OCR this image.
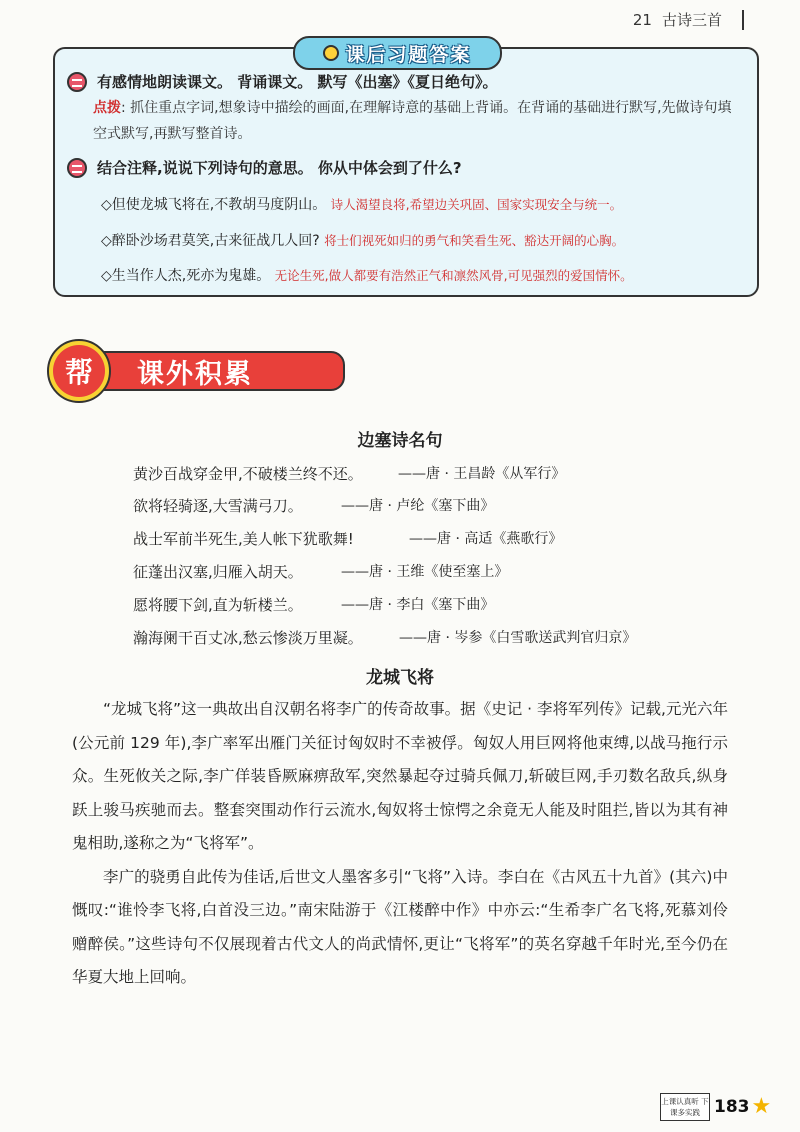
21 古诗三首
课后习题答案
有感情地朗读课文。 背诵课文。 默写《出塞》《夏日绝句》。
点拨: 抓住重点字词,想象诗中描绘的画面,在理解诗意的基础上背诵。在背诵的基础进行默写,先做诗句填空式默写,再默写整首诗。
结合注释,说说下列诗句的意思。 你从中体会到了什么?
◇但使龙城飞将在,不教胡马度阴山。 诗人渴望良将,希望边关巩固、国家实现安全与统一。
◇醉卧沙场君莫笑,古来征战几人回? 将士们视死如归的勇气和笑看生死、豁达开阔的心胸。
◇生当作人杰,死亦为鬼雄。 无论生死,做人都要有浩然正气和凛然风骨,可见强烈的爱国情怀。
帮	课外积累
边塞诗名句
黄沙百战穿金甲,不破楼兰终不还。	——唐 · 王昌龄《从军行》
欲将轻骑逐,大雪满弓刀。	——唐 · 卢纶《塞下曲》
战士军前半死生,美人帐下犹歌舞!	——唐 · 高适《燕歌行》
征蓬出汉塞,归雁入胡天。	——唐 · 王维《使至塞上》
愿将腰下剑,直为斩楼兰。	——唐 · 李白《塞下曲》
瀚海阑干百丈冰,愁云惨淡万里凝。	——唐 · 岑参《白雪歌送武判官归京》
龙城飞将

“龙城飞将”这一典故出自汉朝名将李广的传奇故事。据《史记 · 李将军列传》记载,元光六年(公元前 129 年),李广率军出雁门关征讨匈奴时不幸被俘。匈奴人用巨网将他束缚,以战马拖行示众。生死攸关之际,李广佯装昏厥麻痹敌军,突然暴起夺过骑兵佩刀,斩破巨网,手刃数名敌兵,纵身跃上骏马疾驰而去。整套突围动作行云流水,匈奴将士惊愕之余竟无人能及时阻拦,皆以为其有神鬼相助,遂称之为“飞将军”。

李广的骁勇自此传为佳话,后世文人墨客多引“飞将”入诗。李白在《古风五十九首》(其六)中慨叹:“谁怜李飞将,白首没三边。”南宋陆游于《江楼醉中作》中亦云:“生希李广名飞将,死慕刘伶赠醉侯。”这些诗句不仅展现着古代文人的尚武情怀,更让“飞将军”的英名穿越千年时光,至今仍在华夏大地上回响。

上课认真听 下课多实践 183 ★
